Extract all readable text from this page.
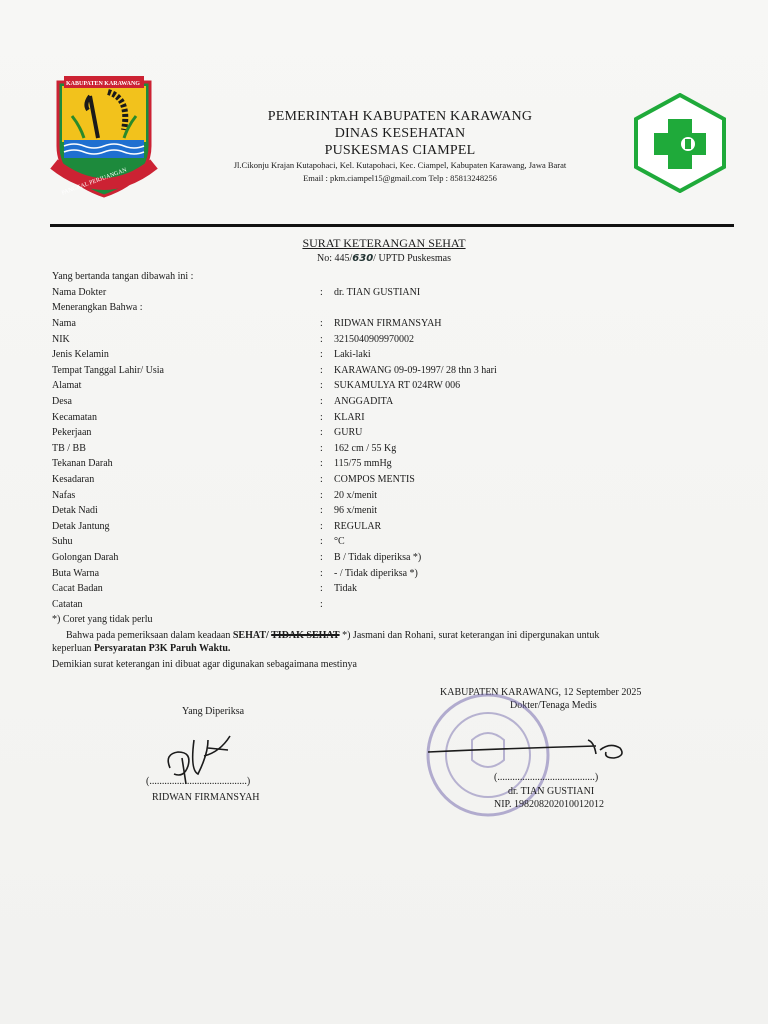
KABUPATEN KARAWANG
PANGKAL PERJUANGAN
PEMERINTAH KABUPATEN KARAWANG
DINAS KESEHATAN
PUSKESMAS CIAMPEL
Jl.Cikonju Krajan Kutapohaci, Kel. Kutapohaci, Kec. Ciampel, Kabupaten Karawang, Jawa Barat
Email : pkm.ciampel15@gmail.com Telp : 85813248256
SURAT KETERANGAN SEHAT
No: 445/630/ UPTD Puskesmas
Yang bertanda tangan dibawah ini :
Nama Dokter	: dr. TIAN GUSTIANI
Menerangkan Bahwa :
Nama	: RIDWAN FIRMANSYAH
NIK	: 3215040909970002
Jenis Kelamin	: Laki-laki
Tempat Tanggal Lahir/ Usia	: KARAWANG 09-09-1997/ 28 thn 3 hari
Alamat	: SUKAMULYA RT 024RW 006
Desa	: ANGGADITA
Kecamatan	: KLARI
Pekerjaan	: GURU
TB / BB	: 162 cm / 55 Kg
Tekanan Darah	: 115/75 mmHg
Kesadaran	: COMPOS MENTIS
Nafas	: 20 x/menit
Detak Nadi	: 96 x/menit
Detak Jantung	: REGULAR
Suhu	: °C
Golongan Darah	: B / Tidak diperiksa *)
Buta Warna	: - / Tidak diperiksa *)
Cacat Badan	: Tidak
Catatan	:
*) Coret yang tidak perlu
Bahwa pada pemeriksaan dalam keadaan SEHAT/ TIDAK SEHAT *) Jasmani dan Rohani, surat keterangan ini dipergunakan untuk
keperluan Persyaratan P3K Paruh Waktu.
Demikian surat keterangan ini dibuat agar digunakan sebagaimana mestinya
KABUPATEN KARAWANG, 12 September 2025
Dokter/Tenaga Medis
Yang Diperiksa
(.......................................)
RIDWAN FIRMANSYAH
(.......................................)
dr. TIAN GUSTIANI
NIP. 198208202010012012
